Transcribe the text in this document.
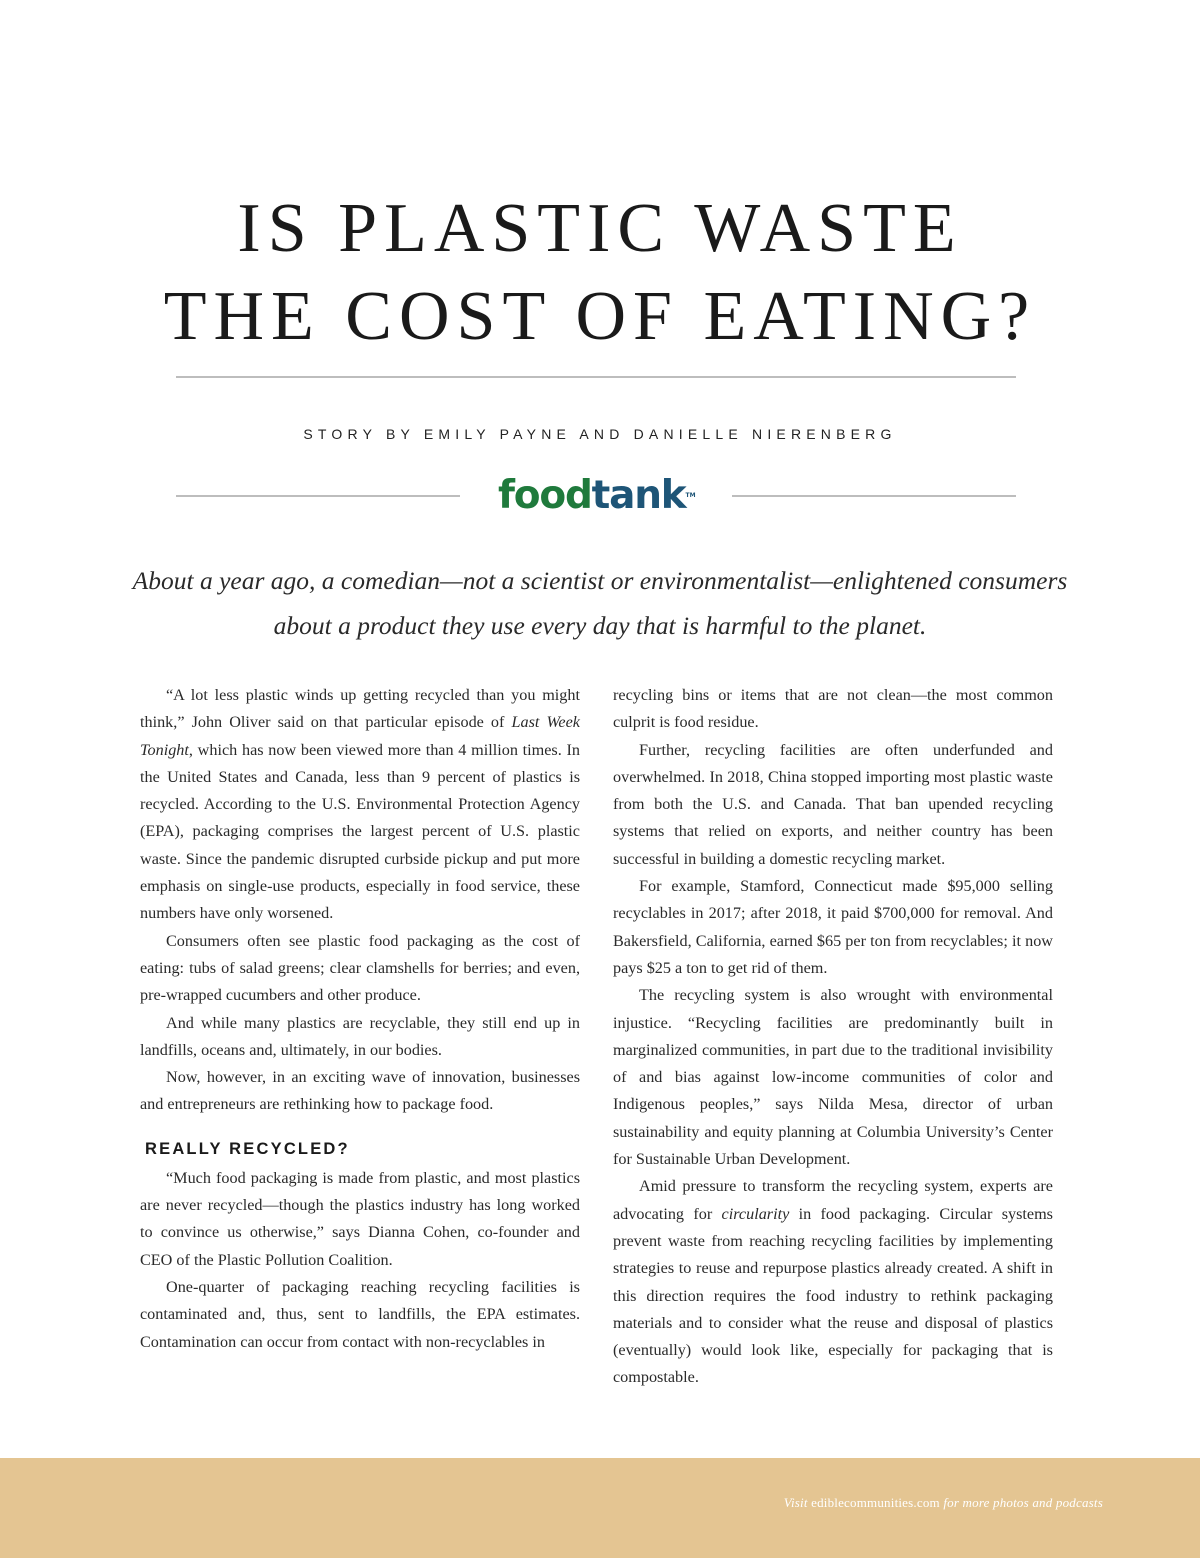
IS PLASTIC WASTE
THE COST OF EATING?
STORY BY EMILY PAYNE AND DANIELLE NIERENBERG
foodtankTM

About a year ago, a comedian—not a scientist or environmentalist—enlightened consumers about a product they use every day that is harmful to the planet.

“A lot less plastic winds up getting recycled than you might think,” John Oliver said on that particular episode of Last Week Tonight, which has now been viewed more than 4 million times. In the United States and Canada, less than 9 percent of plastics is recycled. According to the U.S. Environmental Protection Agency (EPA), packaging comprises the largest percent of U.S. plastic waste. Since the pandemic disrupted curbside pickup and put more emphasis on single-use products, especially in food service, these numbers have only worsened.

Consumers often see plastic food packaging as the cost of eating: tubs of salad greens; clear clamshells for berries; and even, pre-wrapped cucumbers and other produce.

And while many plastics are recyclable, they still end up in landfills, oceans and, ultimately, in our bodies.

Now, however, in an exciting wave of innovation, businesses and entrepreneurs are rethinking how to package food.

REALLY RECYCLED?

“Much food packaging is made from plastic, and most plastics are never recycled—though the plastics industry has long worked to convince us otherwise,” says Dianna Cohen, co-founder and CEO of the Plastic Pollution Coalition.

One-quarter of packaging reaching recycling facilities is contaminated and, thus, sent to landfills, the EPA estimates. Contamination can occur from contact with non-recyclables in

recycling bins or items that are not clean—the most common culprit is food residue.

Further, recycling facilities are often underfunded and overwhelmed. In 2018, China stopped importing most plastic waste from both the U.S. and Canada. That ban upended recycling systems that relied on exports, and neither country has been successful in building a domestic recycling market.

For example, Stamford, Connecticut made $95,000 selling recyclables in 2017; after 2018, it paid $700,000 for removal. And Bakersfield, California, earned $65 per ton from recyclables; it now pays $25 a ton to get rid of them.

The recycling system is also wrought with environmental injustice. “Recycling facilities are predominantly built in marginalized communities, in part due to the traditional invisibility of and bias against low-income communities of color and Indigenous peoples,” says Nilda Mesa, director of urban sustainability and equity planning at Columbia University’s Center for Sustainable Urban Development.

Amid pressure to transform the recycling system, experts are advocating for circularity in food packaging. Circular systems prevent waste from reaching recycling facilities by implementing strategies to reuse and repurpose plastics already created. A shift in this direction requires the food industry to rethink packaging materials and to consider what the reuse and disposal of plastics (eventually) would look like, especially for packaging that is compostable.

Visit ediblecommunities.com for more photos and podcasts
